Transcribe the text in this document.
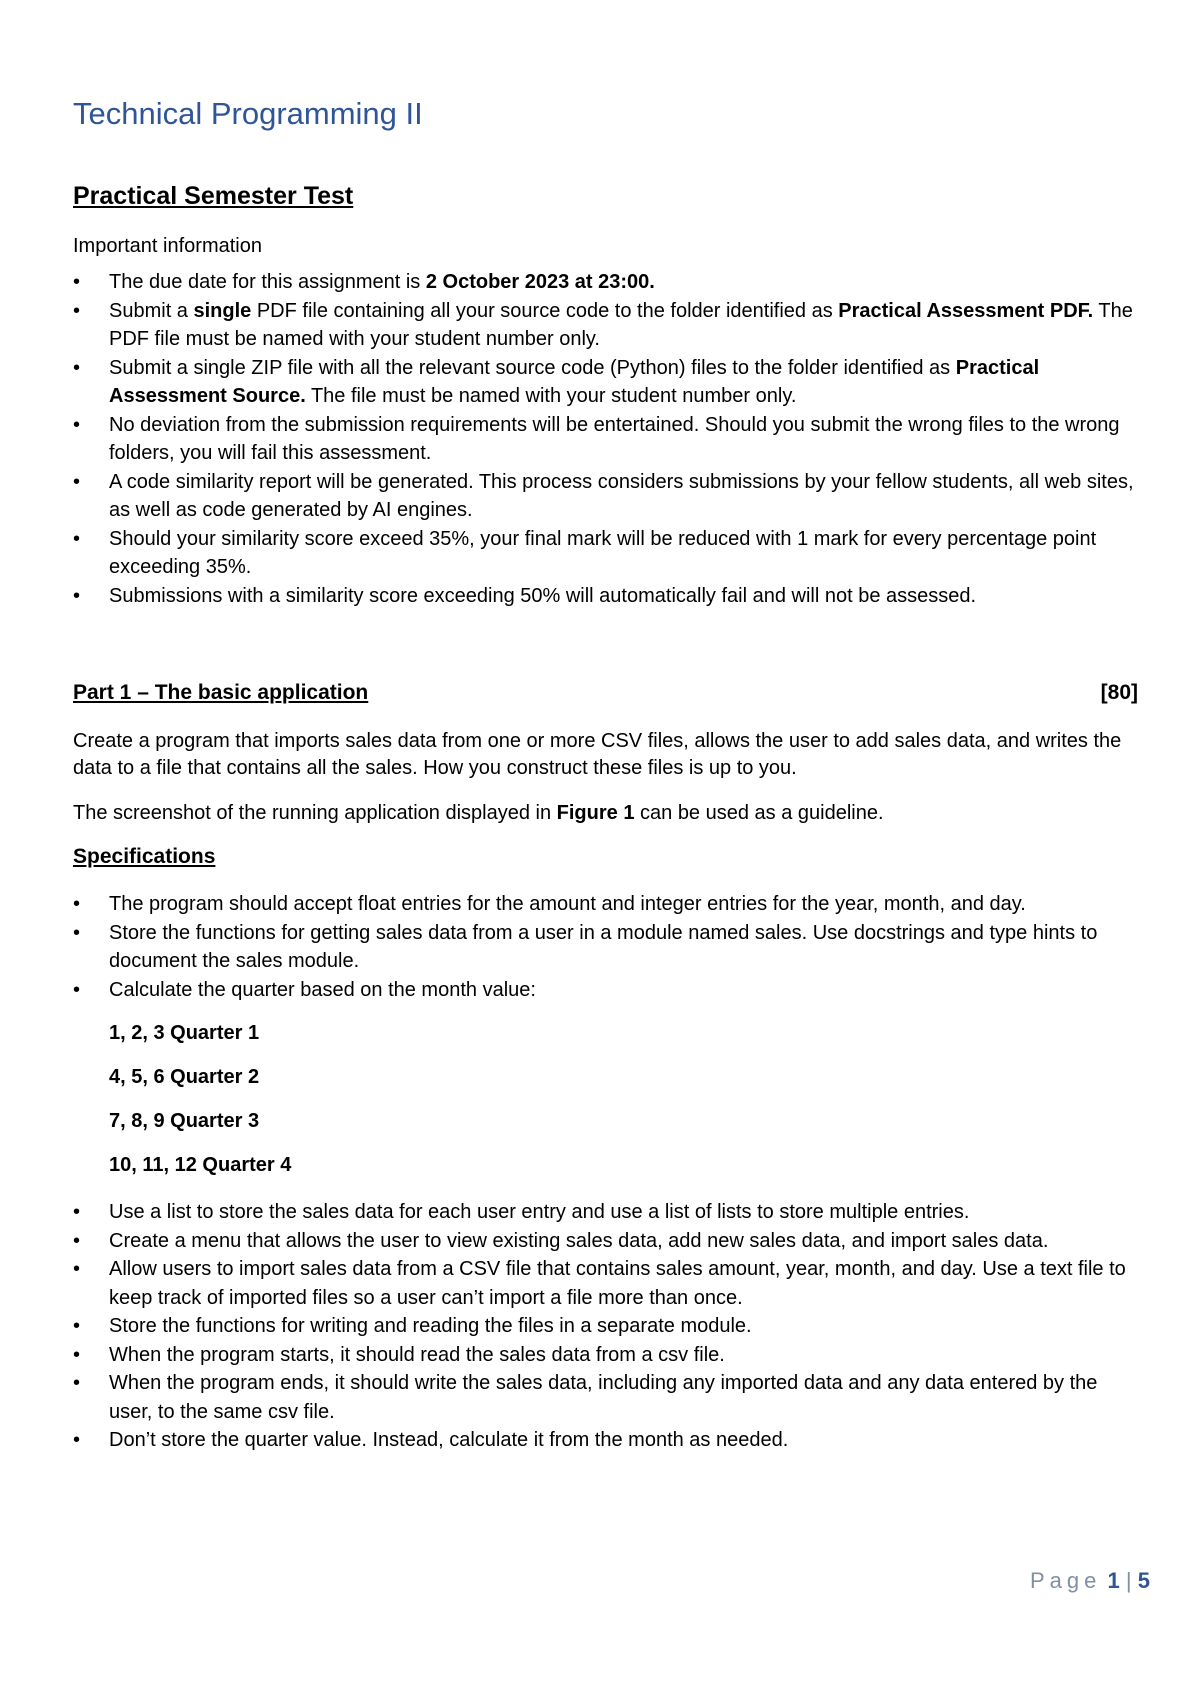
Technical Programming II
Practical Semester Test
Important information
• The due date for this assignment is 2 October 2023 at 23:00.
• Submit a single PDF file containing all your source code to the folder identified as Practical Assessment PDF. The PDF file must be named with your student number only.
• Submit a single ZIP file with all the relevant source code (Python) files to the folder identified as Practical Assessment Source. The file must be named with your student number only.
• No deviation from the submission requirements will be entertained. Should you submit the wrong files to the wrong folders, you will fail this assessment.
• A code similarity report will be generated. This process considers submissions by your fellow students, all web sites, as well as code generated by AI engines.
• Should your similarity score exceed 35%, your final mark will be reduced with 1 mark for every percentage point exceeding 35%.
• Submissions with a similarity score exceeding 50% will automatically fail and will not be assessed.
Part 1 – The basic application	[80]
Create a program that imports sales data from one or more CSV files, allows the user to add sales data, and writes the data to a file that contains all the sales. How you construct these files is up to you.
The screenshot of the running application displayed in Figure 1 can be used as a guideline.
Specifications
• The program should accept float entries for the amount and integer entries for the year, month, and day.
• Store the functions for getting sales data from a user in a module named sales. Use docstrings and type hints to document the sales module.
• Calculate the quarter based on the month value:
1, 2, 3 Quarter 1
4, 5, 6 Quarter 2
7, 8, 9 Quarter 3
10, 11, 12 Quarter 4
• Use a list to store the sales data for each user entry and use a list of lists to store multiple entries.
• Create a menu that allows the user to view existing sales data, add new sales data, and import sales data.
• Allow users to import sales data from a CSV file that contains sales amount, year, month, and day. Use a text file to keep track of imported files so a user can’t import a file more than once.
• Store the functions for writing and reading the files in a separate module.
• When the program starts, it should read the sales data from a csv file.
• When the program ends, it should write the sales data, including any imported data and any data entered by the user, to the same csv file.
• Don’t store the quarter value. Instead, calculate it from the month as needed.
Page 1 | 5
